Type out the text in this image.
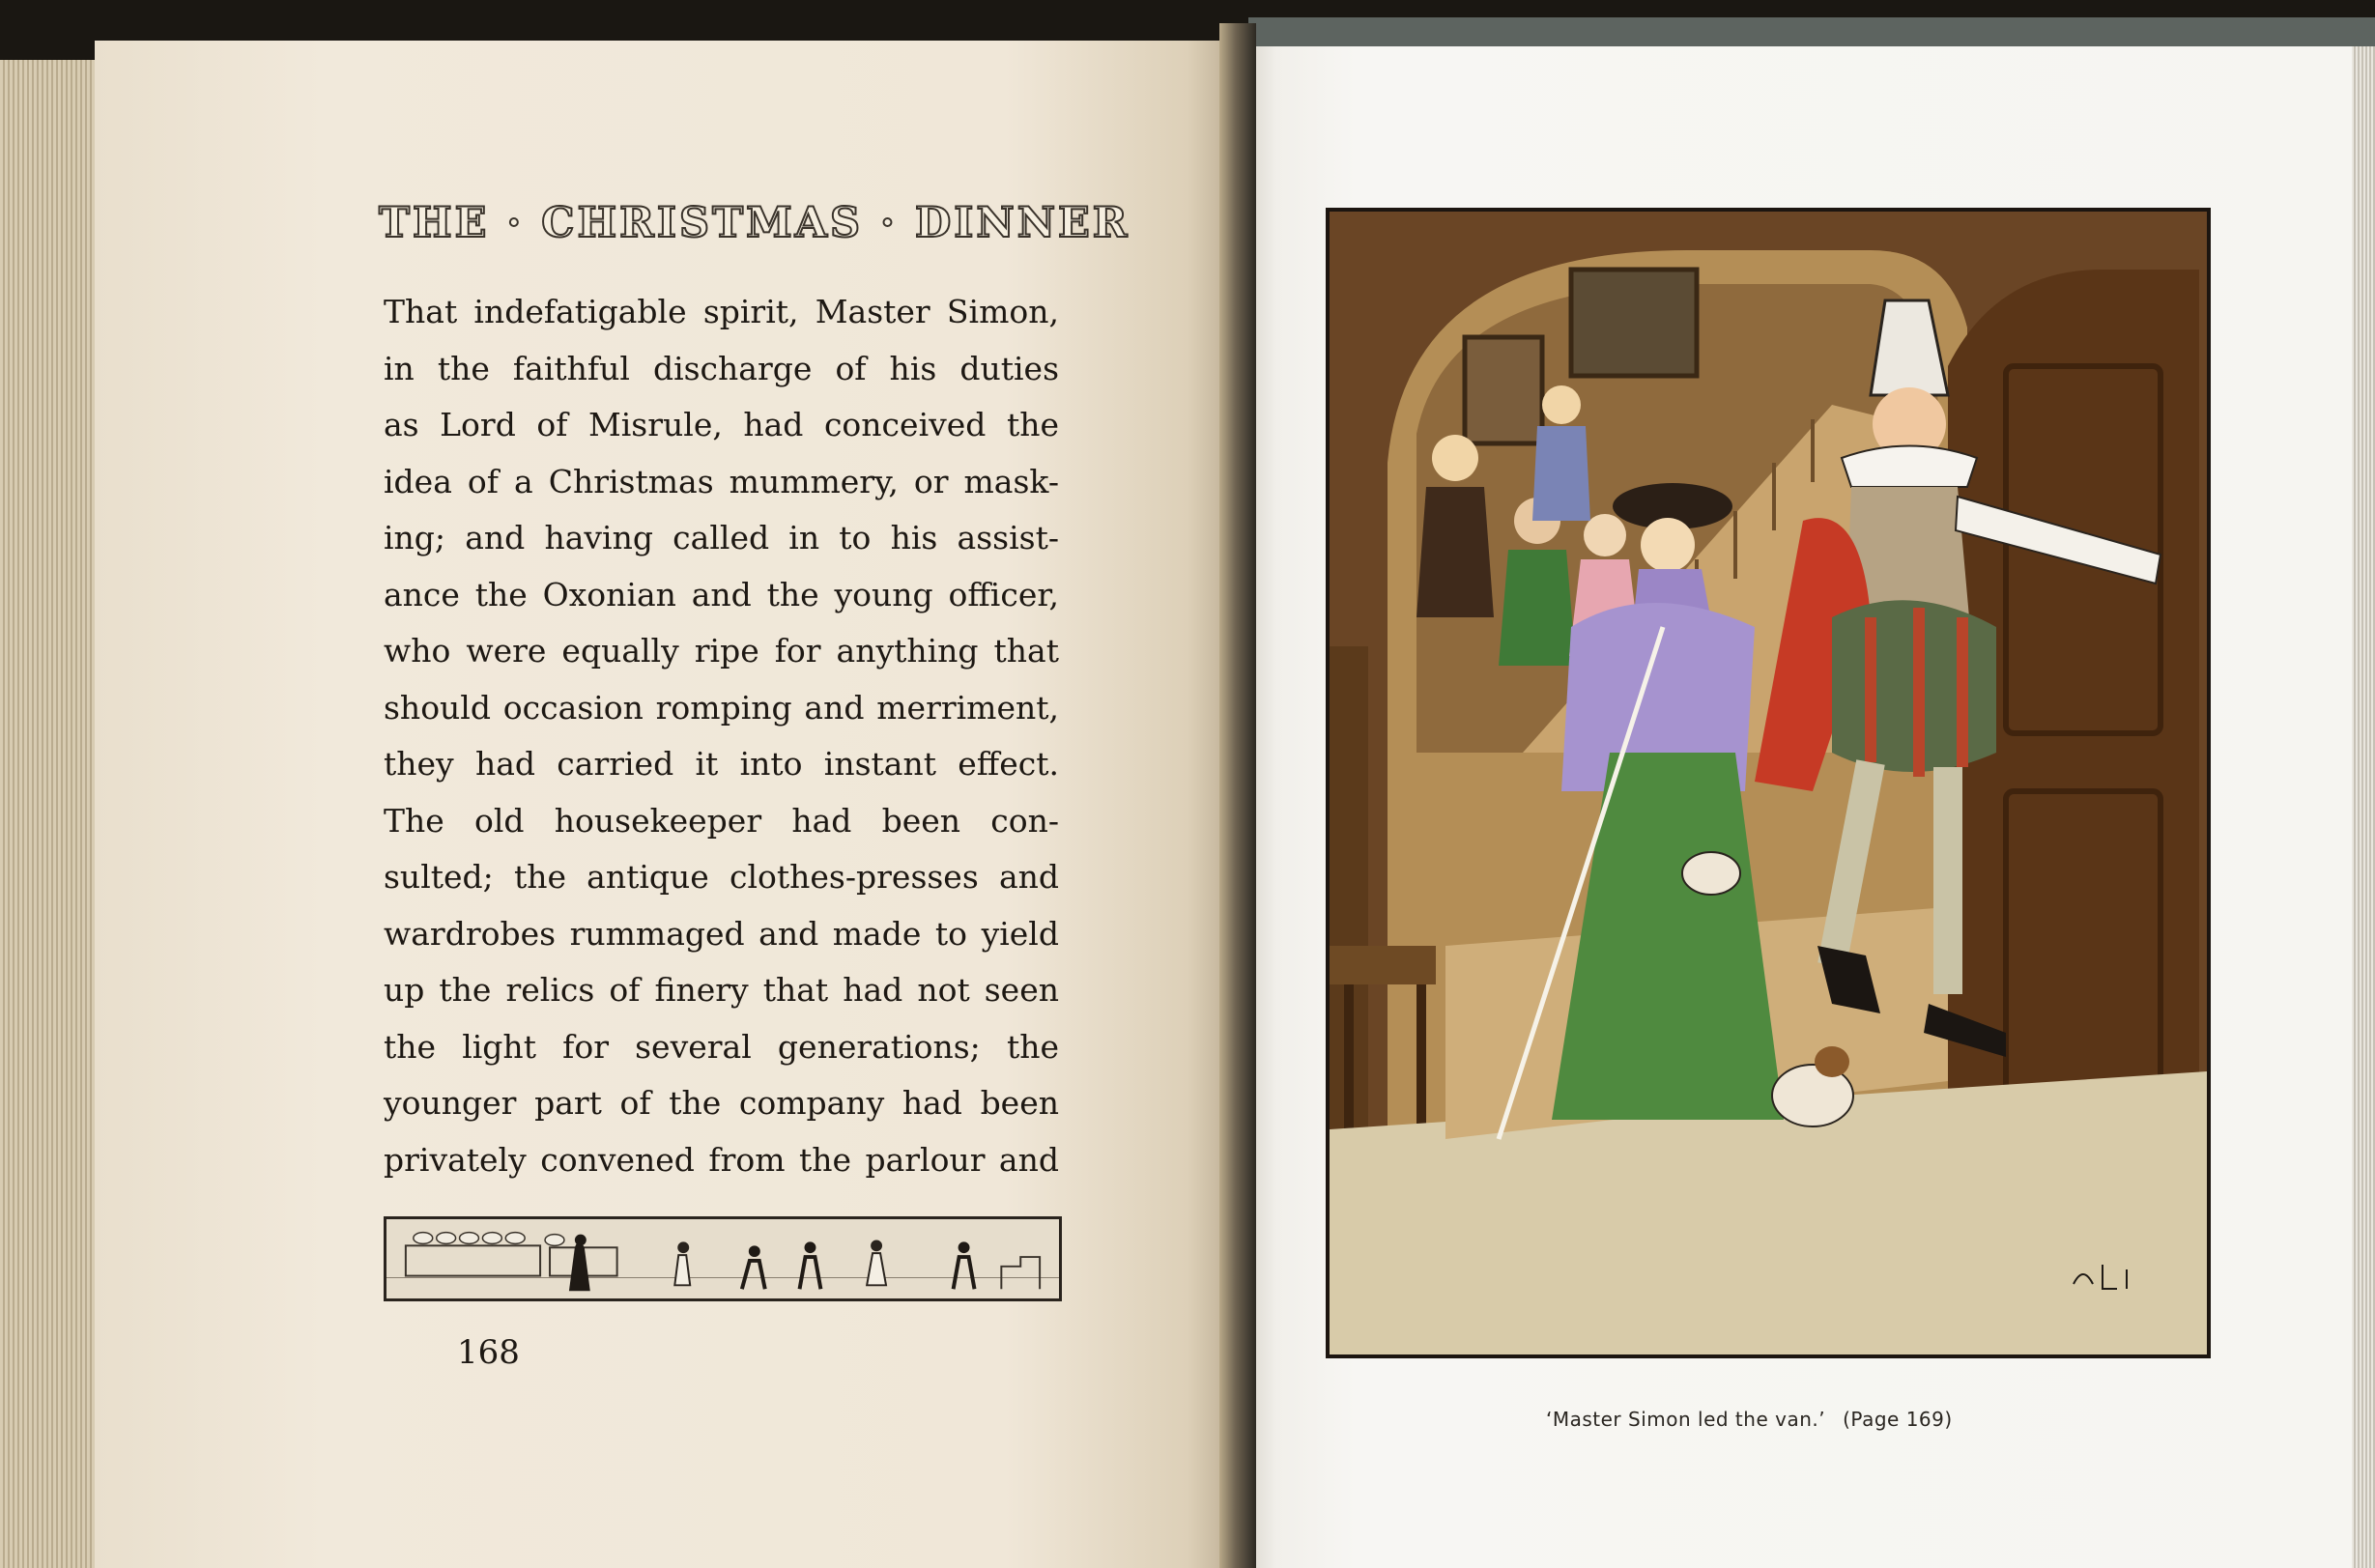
THE · CHRISTMAS · DINNER
That indefatigable spirit, Master Simon,
in the faithful discharge of his duties
as Lord of Misrule, had conceived the
idea of a Christmas mummery, or mask-
ing; and having called in to his assist-
ance the Oxonian and the young officer,
who were equally ripe for anything that
should occasion romping and merriment,
they had carried it into instant effect.
The old housekeeper had been con-
sulted; the antique clothes-presses and
wardrobes rummaged and made to yield
up the relics of finery that had not seen
the light for several generations; the
younger part of the company had been
privately convened from the parlour and
168
‘Master Simon led the van.’ (Page 169)
